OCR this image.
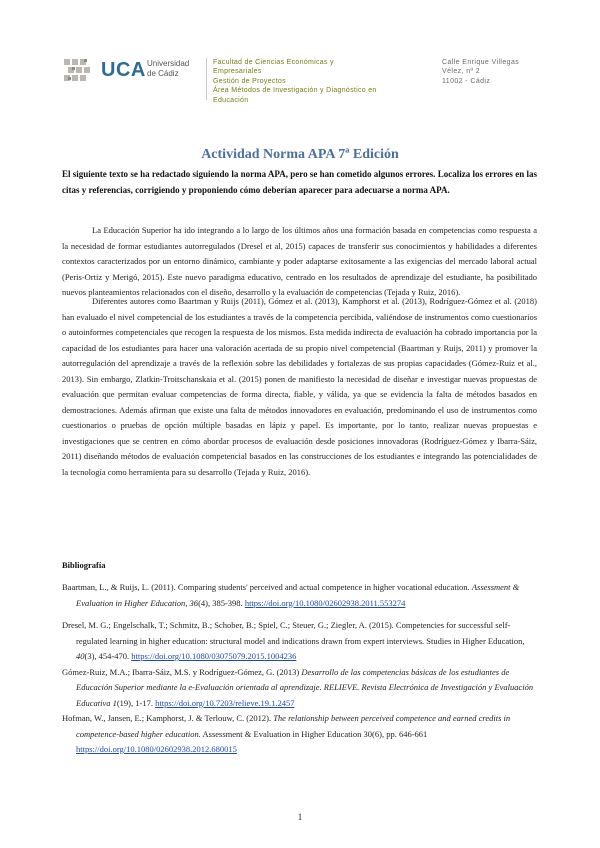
UCA Universidad
de Cádiz
Facultad de Ciencias Económicas y
Empresariales
Gestión de Proyectos
Área Métodos de Investigación y Diagnóstico en
Educación
Calle Enrique Villegas
Vélez, nº 2
11002 - Cádiz
Actividad Norma APA 7ª Edición

El siguiente texto se ha redactado siguiendo la norma APA, pero se han cometido algunos errores. Localiza los errores en las citas y referencias, corrigiendo y proponiendo cómo deberían aparecer para adecuarse a norma APA.

La Educación Superior ha ido integrando a lo largo de los últimos años una formación basada en competencias como respuesta a la necesidad de formar estudiantes autorregulados (Dresel et al, 2015) capaces de transferir sus conocimientos y habilidades a diferentes contextos caracterizados por un entorno dinámico, cambiante y poder adaptarse exitosamente a las exigencias del mercado laboral actual (Peris-Ortiz y Merigó, 2015). Este nuevo paradigma educativo, centrado en los resultados de aprendizaje del estudiante, ha posibilitado nuevos planteamientos relacionados con el diseño, desarrollo y la evaluación de competencias (Tejada y Ruiz, 2016).

Diferentes autores como Baartman y Ruijs (2011), Gómez et al. (2013), Kamphorst et al. (2013), Rodríguez-Gómez et al. (2018) han evaluado el nivel competencial de los estudiantes a través de la competencia percibida, valiéndose de instrumentos como cuestionarios o autoinformes competenciales que recogen la respuesta de los mismos. Esta medida indirecta de evaluación ha cobrado importancia por la capacidad de los estudiantes para hacer una valoración acertada de su propio nivel competencial (Baartman y Ruijs, 2011) y promover la autorregulación del aprendizaje a través de la reflexión sobre las debilidades y fortalezas de sus propias capacidades (Gómez-Ruiz et al., 2013). Sin embargo, Zlatkin-Troitschanskaia et al. (2015) ponen de manifiesto la necesidad de diseñar e investigar nuevas propuestas de evaluación que permitan evaluar competencias de forma directa, fiable, y válida, ya que se evidencia la falta de métodos basados en demostraciones. Además afirman que existe una falta de métodos innovadores en evaluación, predominando el uso de instrumentos como cuestionarios o pruebas de opción múltiple basadas en lápiz y papel. Es importante, por lo tanto, realizar nuevas propuestas e investigaciones que se centren en cómo abordar procesos de evaluación desde posiciones innovadoras (Rodríguez-Gómez y Ibarra-Sáiz, 2011) diseñando métodos de evaluación competencial basados en las construcciones de los estudiantes e integrando las potencialidades de la tecnología como herramienta para su desarrollo (Tejada y Ruiz, 2016).

Bibliografía
Baartman, L., & Ruijs, L. (2011). Comparing students' perceived and actual competence in higher vocational education. Assessment & Evaluation in Higher Education, 36(4), 385-398. https://doi.org/10.1080/02602938.2011.553274
Dresel, M. G.; Engelschalk, T.; Schmitz, B.; Schober, B.; Spiel, C.; Steuer, G.; Ziegler, A. (2015). Competencies for successful self-regulated learning in higher education: structural model and indications drawn from expert interviews. Studies in Higher Education, 40(3), 454-470. https://doi.org/10.1080/03075079.2015.1004236
Gómez-Ruiz, M.A.; Ibarra-Sáiz, M.S. y Rodríguez-Gómez, G. (2013) Desarrollo de las competencias básicas de los estudiantes de Educación Superior mediante la e-Evaluación orientada al aprendizaje. RELIEVE. Revista Electrónica de Investigación y Evaluación Educativa 1(19), 1-17. https://doi.org/10.7203/relieve.19.1.2457
Hofman, W., Jansen, E.; Kamphorst, J. & Terlouw, C. (2012). The relationship between perceived competence and earned credits in competence-based higher education. Assessment & Evaluation in Higher Education 30(6), pp. 646-661 https://doi.org/10.1080/02602938.2012.680015
1
